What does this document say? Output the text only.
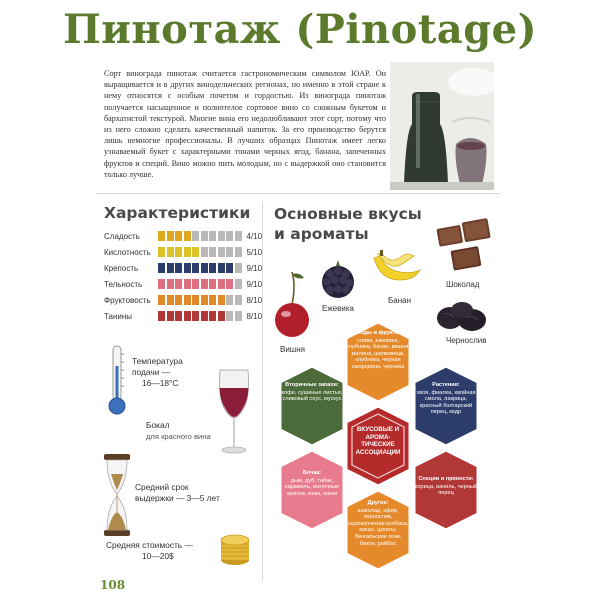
Пинотаж (Pinotage)

Сорт винограда пинотаж считается гастрономическим символом ЮАР. Он выращивается и в других винодельческих регионах, но именно в этой стране к нему относятся с особым почетом и гордостью. Из винограда пинотаж получается насыщенное и полнотелое сортовое вино со сложным букетом и бархатистой текстурой. Многие вина его недолюбливают этот сорт, потому что из него сложно сделать качественный напиток. За его производство берутся лишь немногие профессионалы. В лучших образцах Пинотаж имеет легко узнаваемый букет с характерными тонами черных ягод, банана, запеченных фруктов и специй. Вино можно пить молодым, но с выдержкой оно становится только лучше.

Характеристики
Сладость	4/10
Кислотность	5/10
Крепость	9/10
Тельность	9/10
Фруктовость	8/10
Танины	8/10
Температура подачи —
16—18°C
Бокал
для красного вина
Средний срок
выдержки — 3—5 лет
Средняя стоимость —
10—20$
Основные вкусы
и ароматы
Шоколад
Ежевика
Банан
Вишня
Чернослив
Ягоды и фрукты:
слива, ежевика, клубника, банан, вишня, малина, шелковица, клубника, черная смородина, черника
Вторичные запахи:
кофе, сушеные листья, сливовый соус, мускус
Растения:
хвоя, фиалка, хвойная смола, лакрица, красный болгарский перец, кедр
ВКУСОВЫЕ И АРОМА- ТИЧЕСКИЕ АССОЦИАЦИИ
Бочка:
дым, дуб, табак, карамель, молочные ириски, кожа, изюм
Специи и пряности:
корица, ваниль, черный перец
Другое:
шоколад, эфир, чернослив, сырокопченая колбаса, какао, цукаты, бенгальские огни, бекон, ройбос
108
